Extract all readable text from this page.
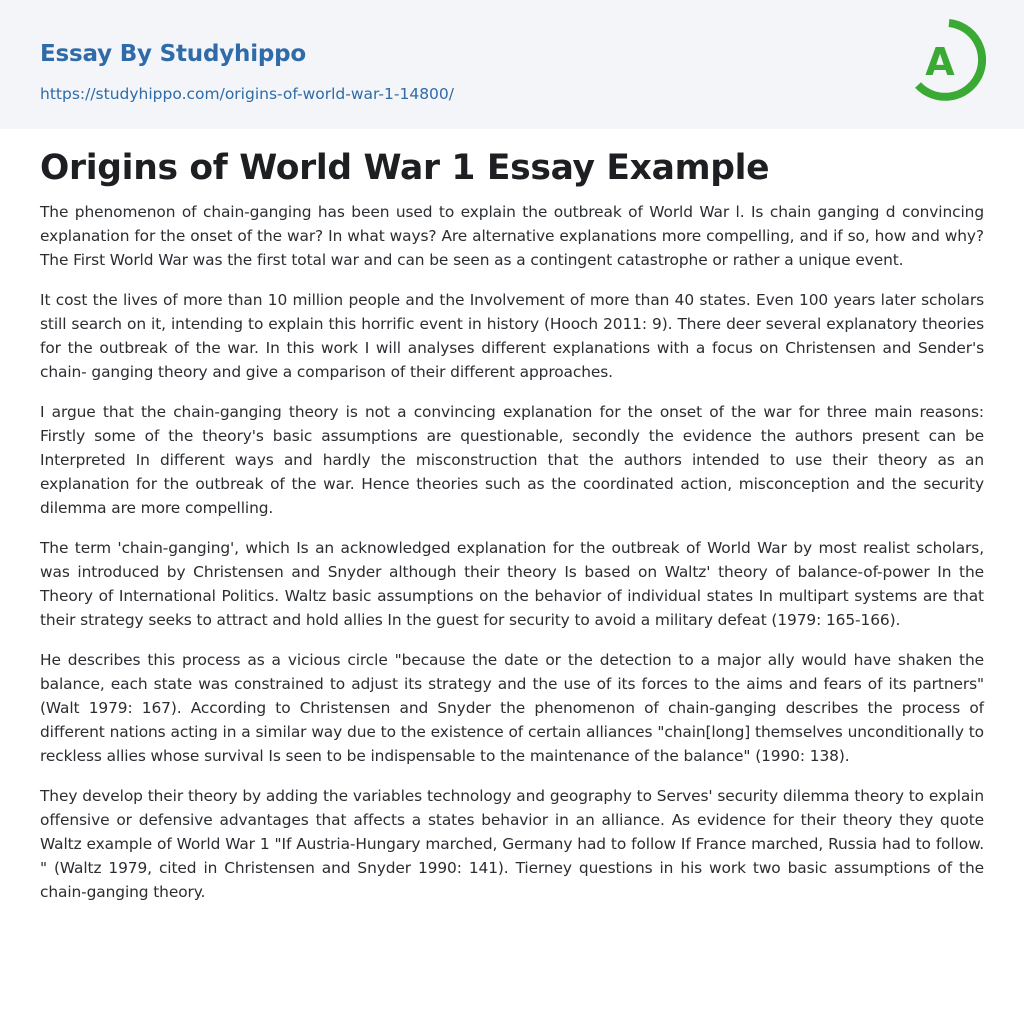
Essay By Studyhippo
https://studyhippo.com/origins-of-world-war-1-14800/
A
Origins of World War 1 Essay Example

The phenomenon of chain-ganging has been used to explain the outbreak of World War l. Is chain ganging d convincing explanation for the onset of the war? In what ways? Are alternative explanations more compelling, and if so, how and why? The First World War was the first total war and can be seen as a contingent catastrophe or rather a unique event.

It cost the lives of more than 10 million people and the Involvement of more than 40 states. Even 100 years later scholars still search on it, intending to explain this horrific event in history (Hooch 2011: 9). There deer several explanatory theories for the outbreak of the war. In this work I will analyses different explanations with a focus on Christensen and Sender's chain- ganging theory and give a comparison of their different approaches.

I argue that the chain-ganging theory is not a convincing explanation for the onset of the war for three main reasons: Firstly some of the theory's basic assumptions are questionable, secondly the evidence the authors present can be Interpreted In different ways and hardly the misconstruction that the authors intended to use their theory as an explanation for the outbreak of the war. Hence theories such as the coordinated action, misconception and the security dilemma are more compelling.

The term 'chain-ganging', which Is an acknowledged explanation for the outbreak of World War by most realist scholars, was introduced by Christensen and Snyder although their theory Is based on Waltz' theory of balance-of-power In the Theory of International Politics. Waltz basic assumptions on the behavior of individual states In multipart systems are that their strategy seeks to attract and hold allies In the guest for security to avoid a military defeat (1979: 165-166).

He describes this process as a vicious circle "because the date or the detection to a major ally would have shaken the balance, each state was constrained to adjust its strategy and the use of its forces to the aims and fears of its partners" (Walt 1979: 167). According to Christensen and Snyder the phenomenon of chain-ganging describes the process of different nations acting in a similar way due to the existence of certain alliances "chain[long] themselves unconditionally to reckless allies whose survival Is seen to be indispensable to the maintenance of the balance" (1990: 138).

They develop their theory by adding the variables technology and geography to Serves' security dilemma theory to explain offensive or defensive advantages that affects a states behavior in an alliance. As evidence for their theory they quote Waltz example of World War 1 "If Austria-Hungary marched, Germany had to follow If France marched, Russia had to follow. " (Waltz 1979, cited in Christensen and Snyder 1990: 141). Tierney questions in his work two basic assumptions of the chain-ganging theory.
